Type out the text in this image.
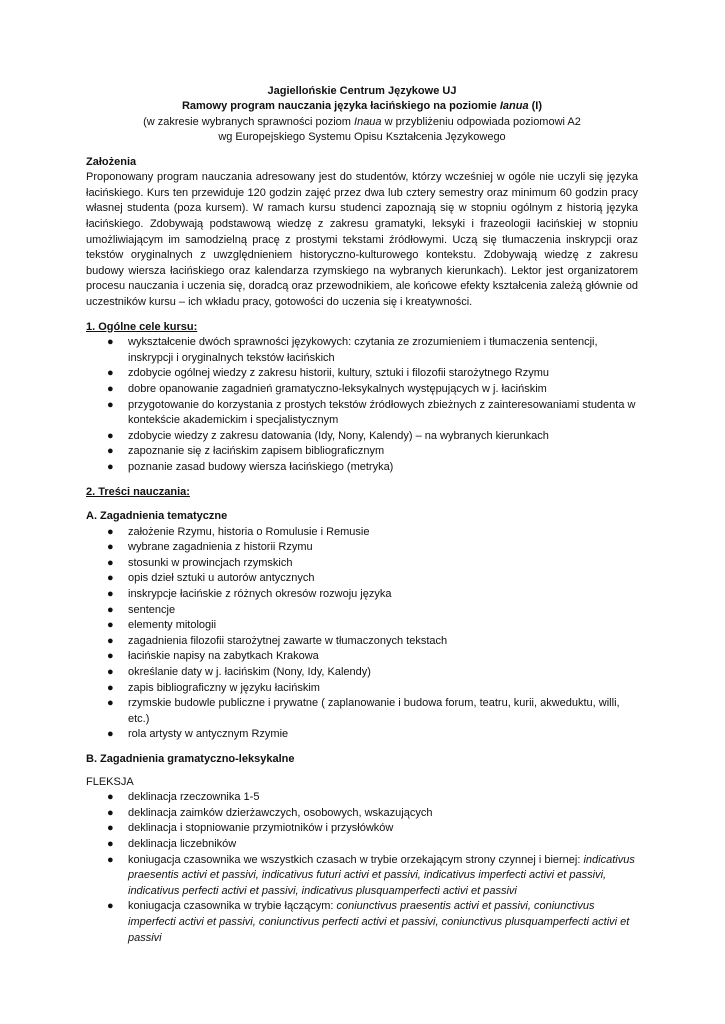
Jagiellońskie Centrum Językowe UJ

Ramowy program nauczania języka łacińskiego na poziomie Ianua (I)

(w zakresie wybranych sprawności poziom Inaua w przybliżeniu odpowiada poziomowi A2

wg Europejskiego Systemu Opisu Kształcenia Językowego

Założenia

Proponowany program nauczania adresowany jest do studentów, którzy wcześniej w ogóle nie uczyli się języka łacińskiego. Kurs ten przewiduje 120 godzin zajęć przez dwa lub cztery semestry oraz minimum 60 godzin pracy własnej studenta (poza kursem). W ramach kursu studenci zapoznają się w stopniu ogólnym z historią języka łacińskiego. Zdobywają podstawową wiedzę z zakresu gramatyki, leksyki i frazeologii łacińskiej w stopniu umożliwiającym im samodzielną pracę z prostymi tekstami źródłowymi. Uczą się tłumaczenia inskrypcji oraz tekstów oryginalnych z uwzględnieniem historyczno-kulturowego kontekstu. Zdobywają wiedzę z zakresu budowy wiersza łacińskiego oraz kalendarza rzymskiego na wybranych kierunkach). Lektor jest organizatorem procesu nauczania i uczenia się, doradcą oraz przewodnikiem, ale końcowe efekty kształcenia zależą głównie od uczestników kursu – ich wkładu pracy, gotowości do uczenia się i kreatywności.

1. Ogólne cele kursu:

● wykształcenie dwóch sprawności językowych: czytania ze zrozumieniem i tłumaczenia sentencji, inskrypcji i oryginalnych tekstów łacińskich
● zdobycie ogólnej wiedzy z zakresu historii, kultury, sztuki i filozofii starożytnego Rzymu
● dobre opanowanie zagadnień gramatyczno-leksykalnych występujących w j. łacińskim
● przygotowanie do korzystania z prostych tekstów źródłowych zbieżnych z zainteresowaniami studenta w kontekście akademickim i specjalistycznym
● zdobycie wiedzy z zakresu datowania (Idy, Nony, Kalendy) – na wybranych kierunkach
● zapoznanie się z łacińskim zapisem bibliograficznym
● poznanie zasad budowy wiersza łacińskiego (metryka)

2. Treści nauczania:

A. Zagadnienia tematyczne

● założenie Rzymu, historia o Romulusie i Remusie
● wybrane zagadnienia z historii Rzymu
● stosunki w prowincjach rzymskich
● opis dzieł sztuki u autorów antycznych
● inskrypcje łacińskie z różnych okresów rozwoju języka
● sentencje
● elementy mitologii
● zagadnienia filozofii starożytnej zawarte w tłumaczonych tekstach
● łacińskie napisy na zabytkach Krakowa
● określanie daty w j. łacińskim (Nony, Idy, Kalendy)
● zapis bibliograficzny w języku łacińskim
● rzymskie budowle publiczne i prywatne ( zaplanowanie i budowa forum, teatru, kurii, akweduktu, willi, etc.)
● rola artysty w antycznym Rzymie

B. Zagadnienia gramatyczno-leksykalne

FLEKSJA

● deklinacja rzeczownika 1-5
● deklinacja zaimków dzierżawczych, osobowych, wskazujących
● deklinacja i stopniowanie przymiotników i przysłówków
● deklinacja liczebników
● koniugacja czasownika we wszystkich czasach w trybie orzekającym strony czynnej i biernej: indicativus praesentis activi et passivi, indicativus futuri activi et passivi, indicativus imperfecti activi et passivi, indicativus perfecti activi et passivi, indicativus plusquamperfecti activi et passivi
● koniugacja czasownika w trybie łączącym: coniunctivus praesentis activi et passivi, coniunctivus imperfecti activi et passivi, coniunctivus perfecti activi et passivi, coniunctivus plusquamperfecti activi et passivi
